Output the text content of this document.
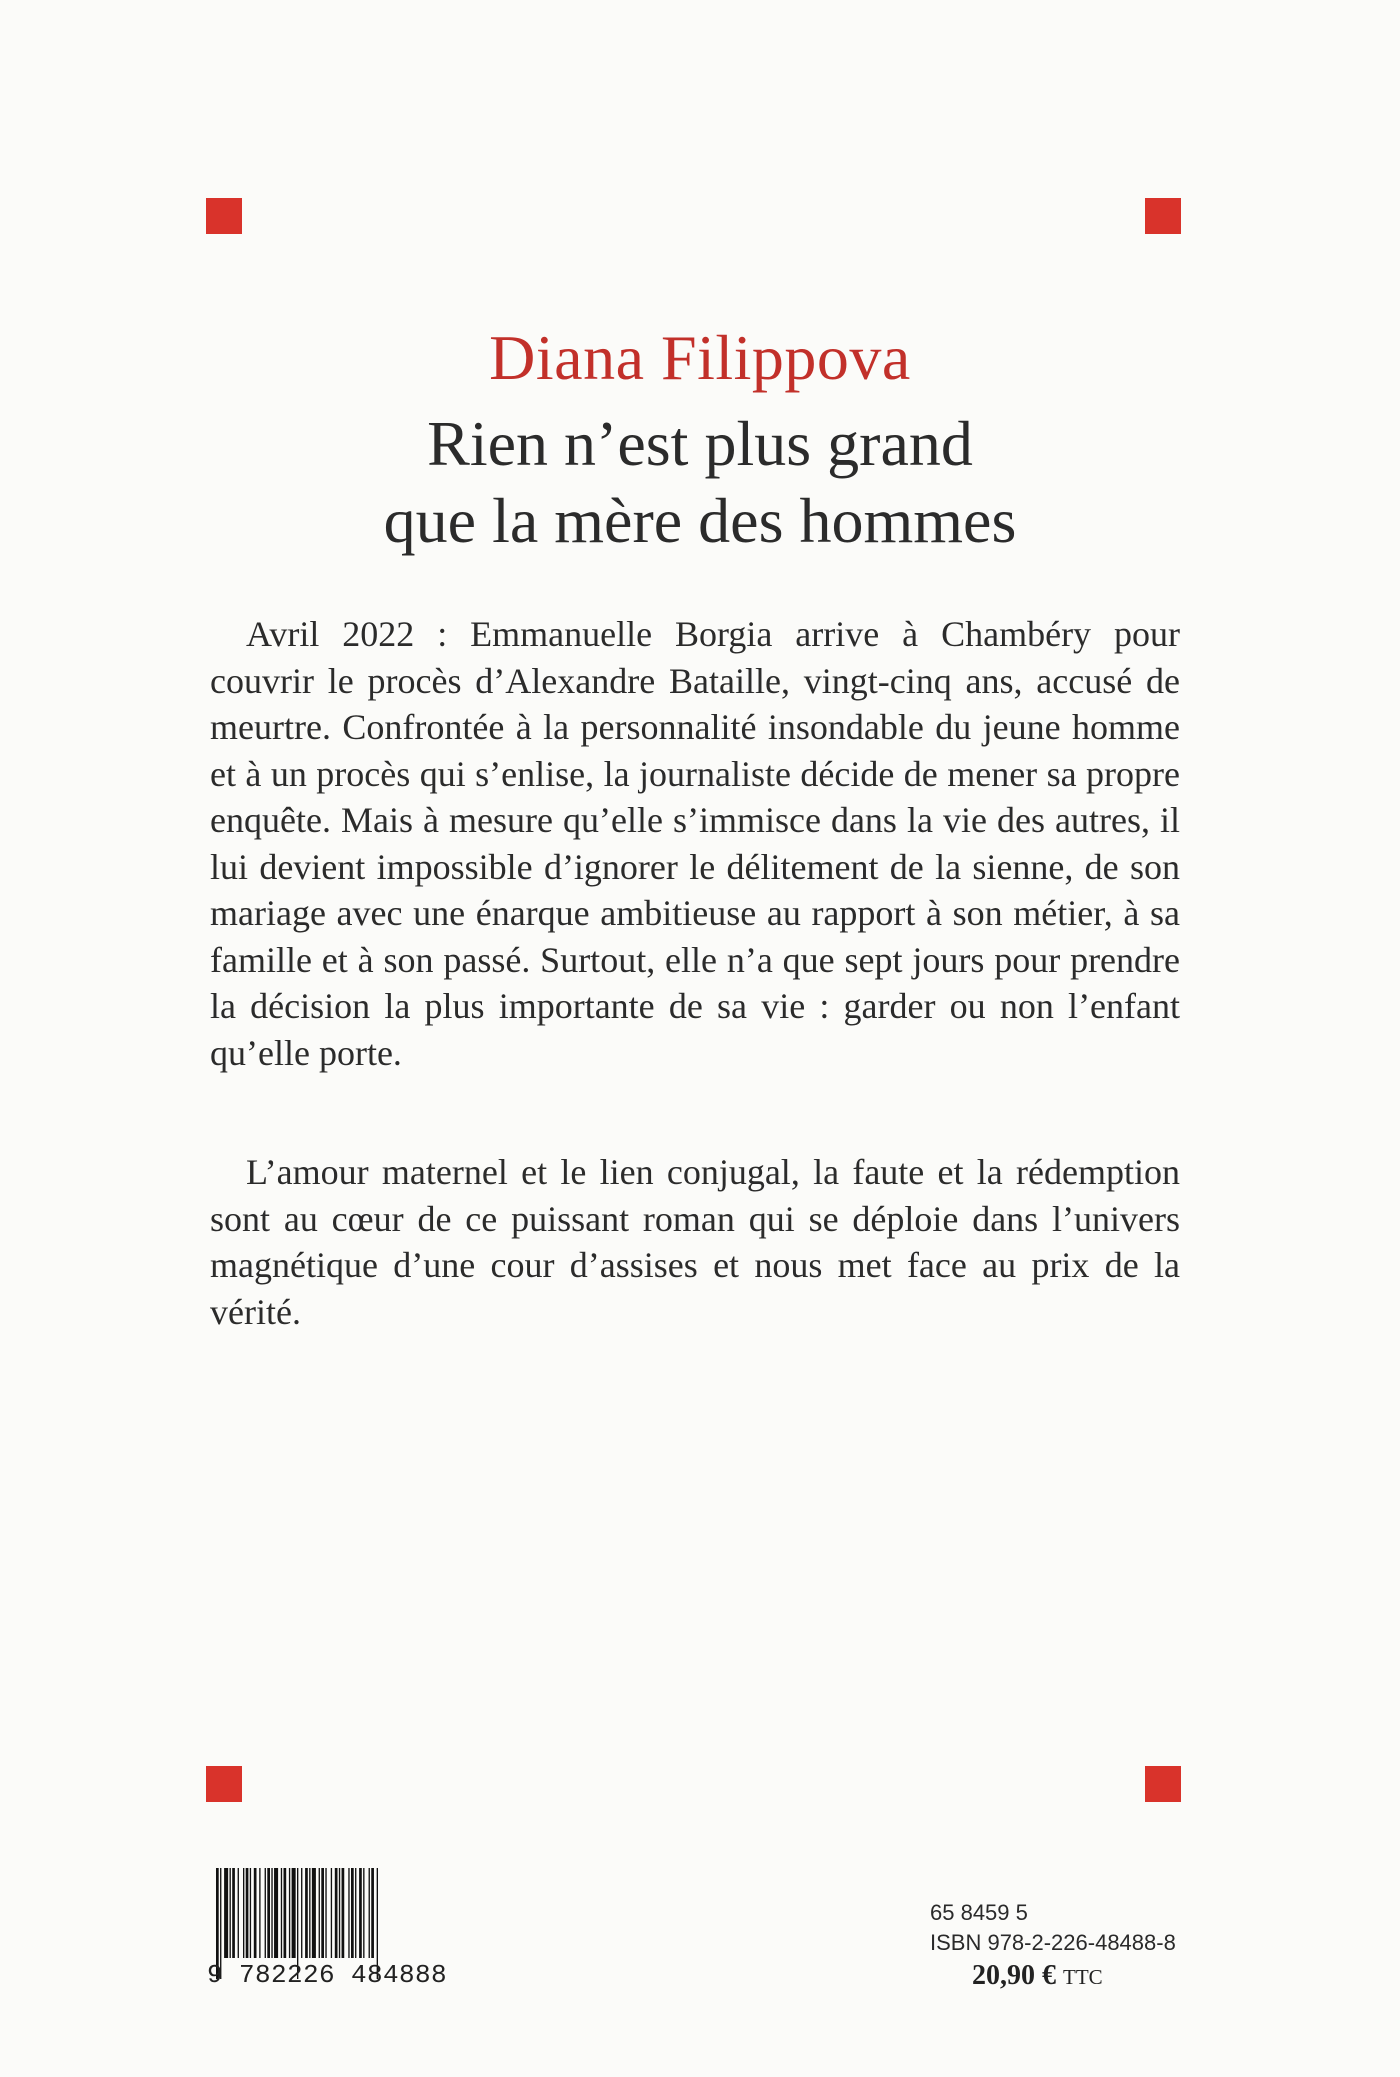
Diana Filippova
Rien n’est plus grand
que la mère des hommes

Avril 2022 : Emmanuelle Borgia arrive à Chambéry pour couvrir le procès d’Alexandre Bataille, vingt-cinq ans, accusé de meurtre. Confrontée à la personnalité insondable du jeune homme et à un procès qui s’enlise, la journaliste décide de mener sa propre enquête. Mais à mesure qu’elle s’immisce dans la vie des autres, il lui devient impossible d’ignorer le délitement de la sienne, de son mariage avec une énarque ambitieuse au rapport à son métier, à sa famille et à son passé. Surtout, elle n’a que sept jours pour prendre la décision la plus importante de sa vie : garder ou non l’enfant qu’elle porte.

L’amour maternel et le lien conjugal, la faute et la rédemption sont au cœur de ce puissant roman qui se déploie dans l’univers magnétique d’une cour d’assises et nous met face au prix de la vérité.

9 782226 484888
65 8459 5
ISBN 978-2-226-48488-8
20,90 € TTC
